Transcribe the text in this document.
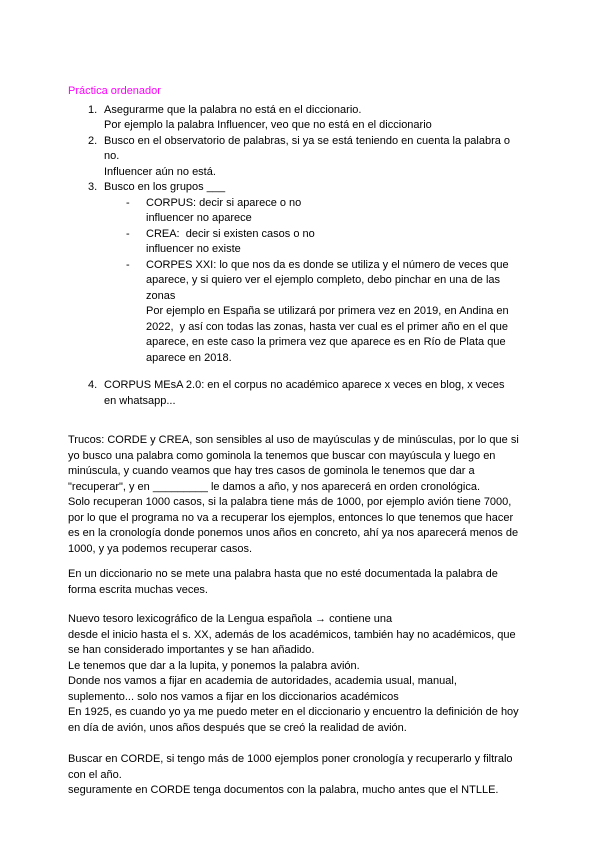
Práctica ordenador
1. Asegurarme que la palabra no está en el diccionario.
Por ejemplo la palabra Influencer, veo que no está en el diccionario
2. Busco en el observatorio de palabras, si ya se está teniendo en cuenta la palabra o
no.
Influencer aún no está.
3. Busco en los grupos ___
- CORPUS: decir si aparece o no
influencer no aparece
- CREA:  decir si existen casos o no
influencer no existe
- CORPES XXI: lo que nos da es donde se utiliza y el número de veces que
aparece, y si quiero ver el ejemplo completo, debo pinchar en una de las
zonas
Por ejemplo en España se utilizará por primera vez en 2019, en Andina en
2022,  y así con todas las zonas, hasta ver cual es el primer año en el que
aparece, en este caso la primera vez que aparece es en Río de Plata que
aparece en 2018.
4. CORPUS MEsA 2.0: en el corpus no académico aparece x veces en blog, x veces
en whatsapp...
Trucos: CORDE y CREA, son sensibles al uso de mayúsculas y de minúsculas, por lo que si
yo busco una palabra como gominola la tenemos que buscar con mayúscula y luego en
minúscula, y cuando veamos que hay tres casos de gominola le tenemos que dar a
"recuperar", y en _________ le damos a año, y nos aparecerá en orden cronológica.
Solo recuperan 1000 casos, si la palabra tiene más de 1000, por ejemplo avión tiene 7000,
por lo que el programa no va a recuperar los ejemplos, entonces lo que tenemos que hacer
es en la cronología donde ponemos unos años en concreto, ahí ya nos aparecerá menos de
1000, y ya podemos recuperar casos.
En un diccionario no se mete una palabra hasta que no esté documentada la palabra de
forma escrita muchas veces.
Nuevo tesoro lexicográfico de la Lengua española → contiene una
desde el inicio hasta el s. XX, además de los académicos, también hay no académicos, que
se han considerado importantes y se han añadido.
Le tenemos que dar a la lupita, y ponemos la palabra avión.
Donde nos vamos a fijar en academia de autoridades, academia usual, manual,
suplemento... solo nos vamos a fijar en los diccionarios académicos
En 1925, es cuando yo ya me puedo meter en el diccionario y encuentro la definición de hoy
en día de avión, unos años después que se creó la realidad de avión.
Buscar en CORDE, si tengo más de 1000 ejemplos poner cronología y recuperarlo y filtralo
con el año.
seguramente en CORDE tenga documentos con la palabra, mucho antes que el NTLLE.
